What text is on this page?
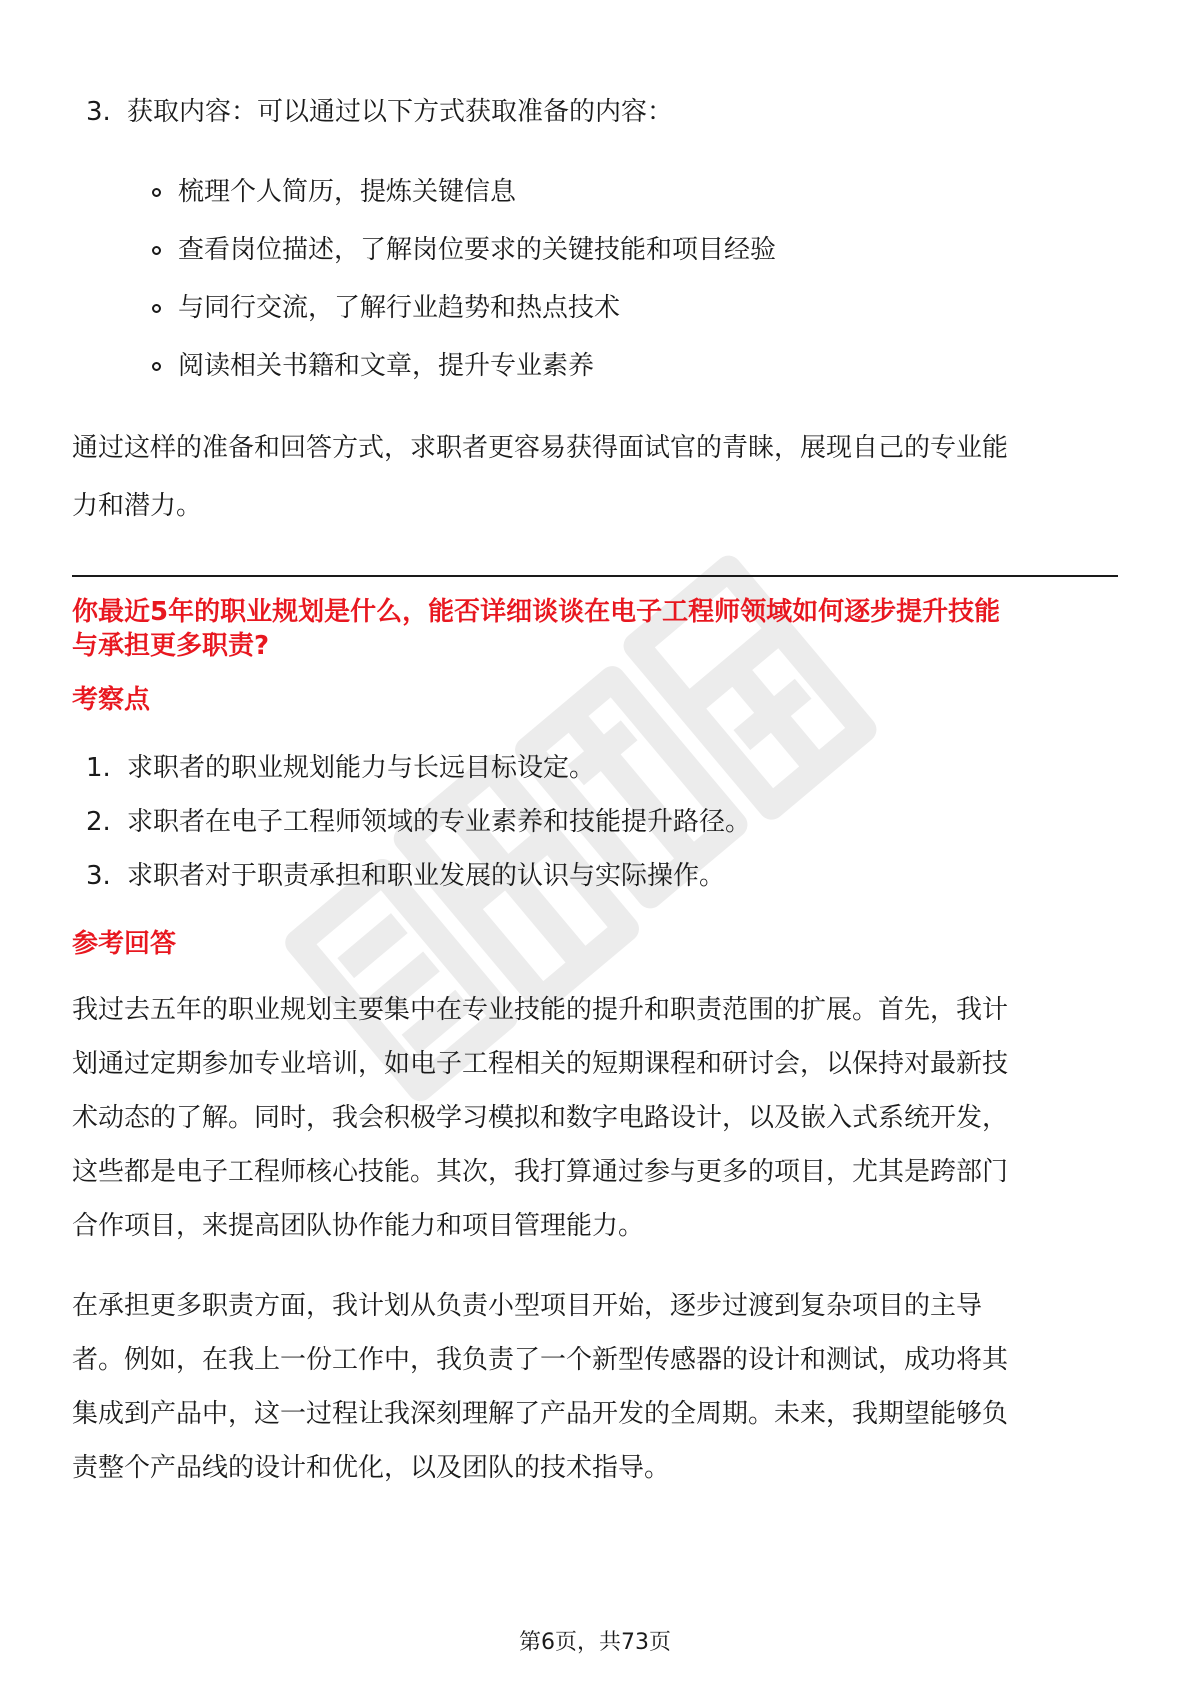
3. 获取内容：可以通过以下方式获取准备的内容：
梳理个人简历，提炼关键信息
查看岗位描述，了解岗位要求的关键技能和项目经验
与同行交流，了解行业趋势和热点技术
阅读相关书籍和文章，提升专业素养
通过这样的准备和回答方式，求职者更容易获得面试官的青睐，展现自己的专业能
力和潜力。
你最近5年的职业规划是什么，能否详细谈谈在电子工程师领域如何逐步提升技能
与承担更多职责?
考察点
1. 求职者的职业规划能力与长远目标设定。
2. 求职者在电子工程师领域的专业素养和技能提升路径。
3. 求职者对于职责承担和职业发展的认识与实际操作。
参考回答
我过去五年的职业规划主要集中在专业技能的提升和职责范围的扩展。首先，我计
划通过定期参加专业培训，如电子工程相关的短期课程和研讨会，以保持对最新技
术动态的了解。同时，我会积极学习模拟和数字电路设计，以及嵌入式系统开发，
这些都是电子工程师核心技能。其次，我打算通过参与更多的项目，尤其是跨部门
合作项目，来提高团队协作能力和项目管理能力。
在承担更多职责方面，我计划从负责小型项目开始，逐步过渡到复杂项目的主导
者。例如，在我上一份工作中，我负责了一个新型传感器的设计和测试，成功将其
集成到产品中，这一过程让我深刻理解了产品开发的全周期。未来，我期望能够负
责整个产品线的设计和优化，以及团队的技术指导。
第6页，共73页
